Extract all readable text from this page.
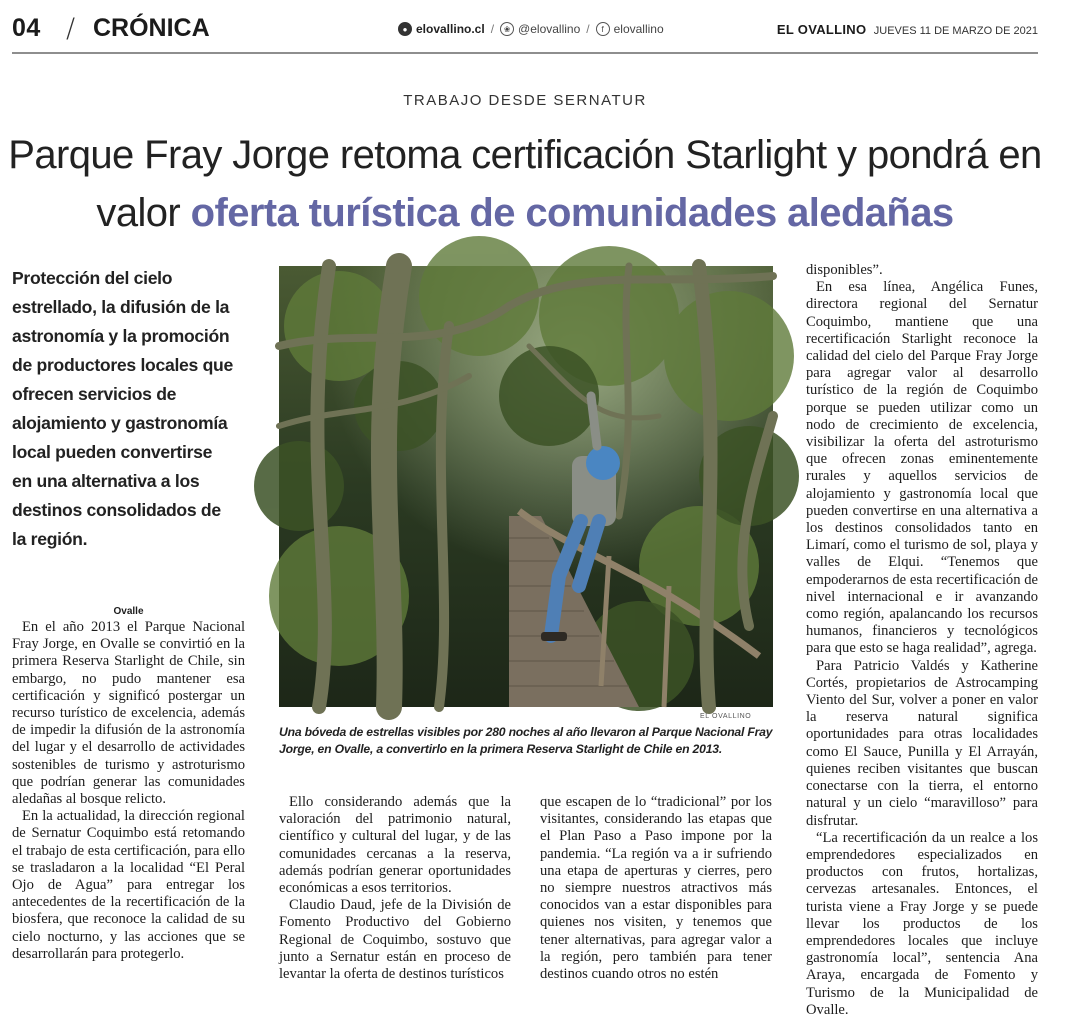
04 / CRÓNICA	● elovallino.cl /	❀ @elovallino /	f elovallino	EL OVALLINO JUEVES 11 DE MARZO DE 2021
TRABAJO DESDE SERNATUR
Parque Fray Jorge retoma certificación Starlight y pondrá en valor oferta turística de comunidades aledañas
Protección del cielo estrellado, la difusión de la astronomía y la promoción de productores locales que ofrecen servicios de alojamiento y gastronomía local pueden convertirse en una alternativa a los destinos consolidados de la región.
EL OVALLINO
Una bóveda de estrellas visibles por 280 noches al año llevaron al Parque Nacional Fray Jorge, en Ovalle, a convertirlo en la primera Reserva Starlight de Chile en 2013.
Ovalle

En el año 2013 el Parque Nacional Fray Jorge, en Ovalle se convirtió en la primera Reserva Starlight de Chile, sin embargo, no pudo mantener esa certificación y significó postergar un recurso turístico de excelencia, además de impedir la difusión de la astronomía del lugar y el desarrollo de actividades sostenibles de turismo y astroturismo que podrían generar las comunidades aledañas al bosque relicto.

En la actualidad, la dirección regional de Sernatur Coquimbo está retomando el trabajo de esta certificación, para ello se trasladaron a la localidad “El Peral Ojo de Agua” para entregar los antecedentes de la recertificación de la biosfera, que reconoce la calidad de su cielo nocturno, y las acciones que se desarrollarán para protegerlo.

Ello considerando además que la valoración del patrimonio natural, científico y cultural del lugar, y de las comunidades cercanas a la reserva, además podrían generar oportunidades económicas a esos territorios.

Claudio Daud, jefe de la División de Fomento Productivo del Gobierno Regional de Coquimbo, sostuvo que junto a Sernatur están en proceso de levantar la oferta de destinos turísticos

que escapen de lo “tradicional” por los visitantes, considerando las etapas que el Plan Paso a Paso impone por la pandemia. “La región va a ir sufriendo una etapa de aperturas y cierres, pero no siempre nuestros atractivos más conocidos van a estar disponibles para quienes nos visiten, y tenemos que tener alternativas, para agregar valor a la región, pero también para tener destinos cuando otros no estén

disponibles”.

En esa línea, Angélica Funes, directora regional del Sernatur Coquimbo, mantiene que una recertificación Starlight reconoce la calidad del cielo del Parque Fray Jorge para agregar valor al desarrollo turístico de la región de Coquimbo porque se pueden utilizar como un nodo de crecimiento de excelencia, visibilizar la oferta del astroturismo que ofrecen zonas eminentemente rurales y aquellos servicios de alojamiento y gastronomía local que pueden convertirse en una alternativa a los destinos consolidados tanto en Limarí, como el turismo de sol, playa y valles de Elqui. “Tenemos que empoderarnos de esta recertificación de nivel internacional e ir avanzando como región, apalancando los recursos humanos, financieros y tecnológicos para que esto se haga realidad”, agrega.

Para Patricio Valdés y Katherine Cortés, propietarios de Astrocamping Viento del Sur, volver a poner en valor la reserva natural significa oportunidades para otras localidades como El Sauce, Punilla y El Arrayán, quienes reciben visitantes que buscan conectarse con la tierra, el entorno natural y un cielo “maravilloso” para disfrutar.

“La recertificación da un realce a los emprendedores especializados en productos con frutos, hortalizas, cervezas artesanales. Entonces, el turista viene a Fray Jorge y se puede llevar los productos de los emprendedores locales que incluye gastronomía local”, sentencia Ana Araya, encargada de Fomento y Turismo de la Municipalidad de Ovalle.
